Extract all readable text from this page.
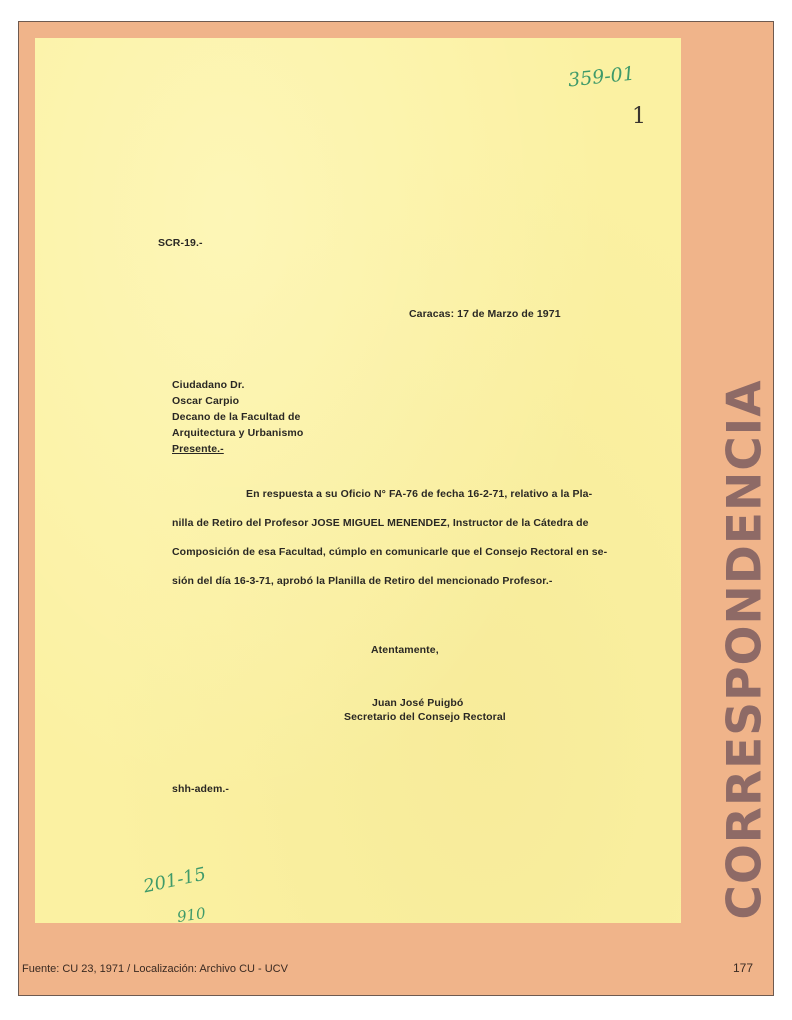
359-01
1
SCR-19.-
Caracas: 17 de Marzo de 1971
Ciudadano Dr.
Oscar Carpio
Decano de la Facultad de
Arquitectura y Urbanismo
Presente.-
En respuesta a su Oficio N° FA-76 de fecha 16-2-71, relativo a la Pla-
nilla de Retiro del Profesor JOSE MIGUEL MENENDEZ, Instructor de la Cátedra de
Composición de esa Facultad, cúmplo en comunicarle que el Consejo Rectoral en se-
sión del día 16-3-71, aprobó la Planilla de Retiro del mencionado Profesor.-
Atentamente,
Juan José Puigbó
Secretario del Consejo Rectoral
shh-adem.-
201-15
910	CORRESPONDENCIA
Fuente: CU 23, 1971 / Localización: Archivo CU - UCV	177
